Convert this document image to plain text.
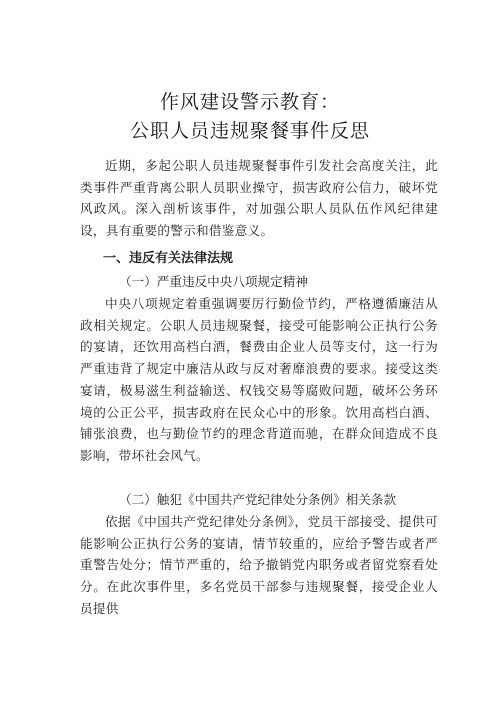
作风建设警示教育：
公职人员违规聚餐事件反思
近期，多起公职人员违规聚餐事件引发社会高度关注，此类事件严重背离公职人员职业操守，损害政府公信力，破坏党风政风。深入剖析该事件，对加强公职人员队伍作风纪律建设，具有重要的警示和借鉴意义。
一、违反有关法律法规
（一）严重违反中央八项规定精神
中央八项规定着重强调要厉行勤俭节约，严格遵循廉洁从政相关规定。公职人员违规聚餐，接受可能影响公正执行公务的宴请，还饮用高档白酒，餐费由企业人员等支付，这一行为严重违背了规定中廉洁从政与反对奢靡浪费的要求。接受这类宴请，极易滋生利益输送、权钱交易等腐败问题，破坏公务环境的公正公平，损害政府在民众心中的形象。饮用高档白酒、铺张浪费，也与勤俭节约的理念背道而驰，在群众间造成不良影响，带坏社会风气。
（二）触犯《中国共产党纪律处分条例》相关条款
依据《中国共产党纪律处分条例》，党员干部接受、提供可能影响公正执行公务的宴请，情节较重的，应给予警告或者严重警告处分；情节严重的，给予撤销党内职务或者留党察看处分。在此次事件里，多名党员干部参与违规聚餐，接受企业人员提供
